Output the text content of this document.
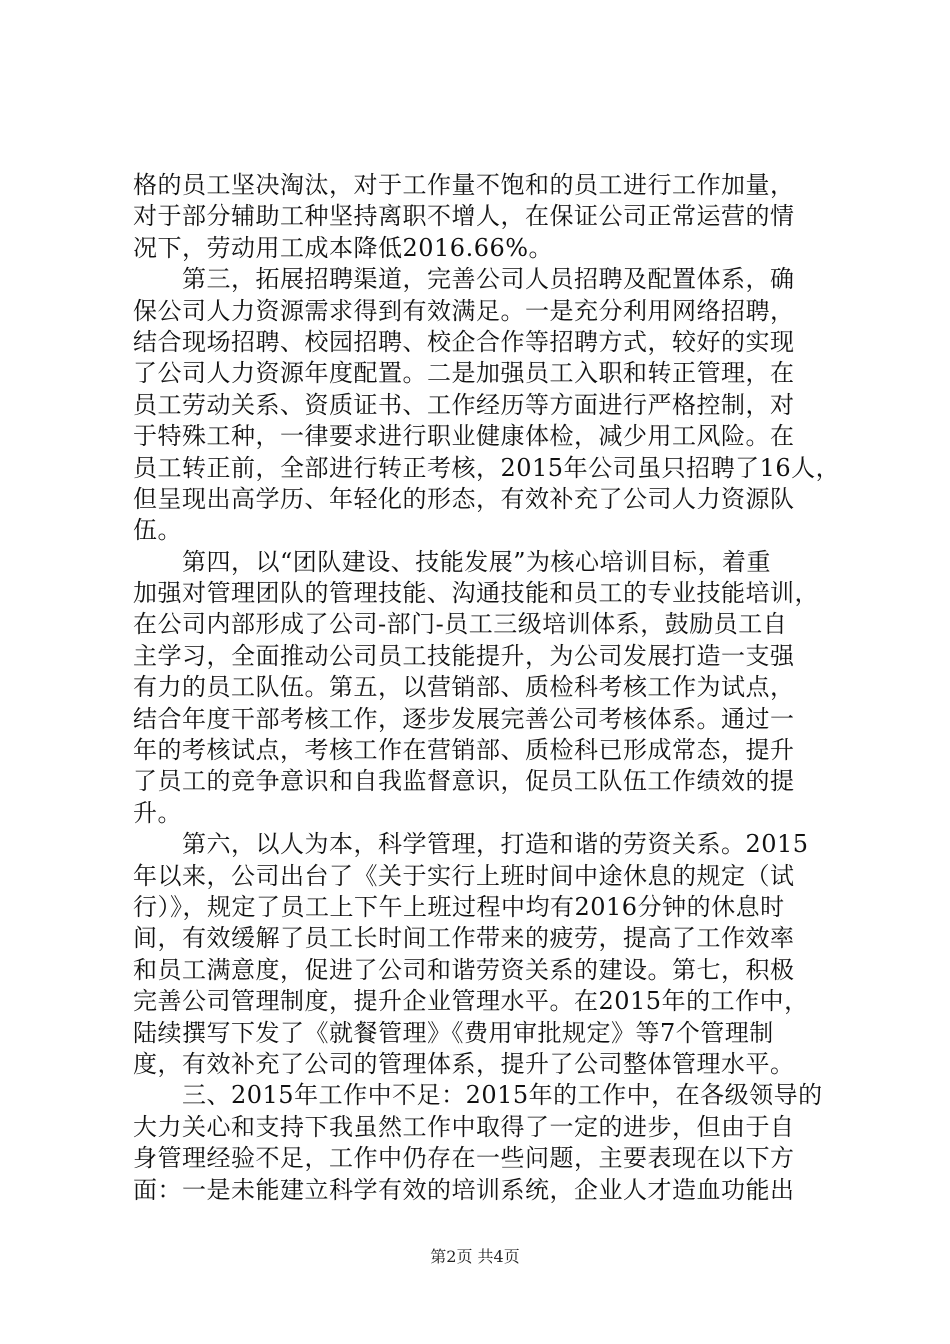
格的员工坚决淘汰，对于工作量不饱和的员工进行工作加量，
对于部分辅助工种坚持离职不增人，在保证公司正常运营的情
况下，劳动用工成本降低2016.66%。
　　第三，拓展招聘渠道，完善公司人员招聘及配置体系，确
保公司人力资源需求得到有效满足。一是充分利用网络招聘，
结合现场招聘、校园招聘、校企合作等招聘方式，较好的实现
了公司人力资源年度配置。二是加强员工入职和转正管理，在
员工劳动关系、资质证书、工作经历等方面进行严格控制，对
于特殊工种，一律要求进行职业健康体检，减少用工风险。在
员工转正前，全部进行转正考核，2015年公司虽只招聘了16人，
但呈现出高学历、年轻化的形态，有效补充了公司人力资源队
伍。
　　第四，以“团队建设、技能发展”为核心培训目标，着重
加强对管理团队的管理技能、沟通技能和员工的专业技能培训，
在公司内部形成了公司-部门-员工三级培训体系，鼓励员工自
主学习，全面推动公司员工技能提升，为公司发展打造一支强
有力的员工队伍。第五，以营销部、质检科考核工作为试点，
结合年度干部考核工作，逐步发展完善公司考核体系。通过一
年的考核试点，考核工作在营销部、质检科已形成常态，提升
了员工的竞争意识和自我监督意识，促员工队伍工作绩效的提
升。
　　第六，以人为本，科学管理，打造和谐的劳资关系。2015
年以来，公司出台了《关于实行上班时间中途休息的规定（试
行）》，规定了员工上下午上班过程中均有2016分钟的休息时
间，有效缓解了员工长时间工作带来的疲劳，提高了工作效率
和员工满意度，促进了公司和谐劳资关系的建设。第七，积极
完善公司管理制度，提升企业管理水平。在2015年的工作中，
陆续撰写下发了《就餐管理》《费用审批规定》等7个管理制
度，有效补充了公司的管理体系，提升了公司整体管理水平。
　　三、2015年工作中不足：2015年的工作中，在各级领导的
大力关心和支持下我虽然工作中取得了一定的进步，但由于自
身管理经验不足，工作中仍存在一些问题，主要表现在以下方
面：一是未能建立科学有效的培训系统，企业人才造血功能出
第2页 共4页
